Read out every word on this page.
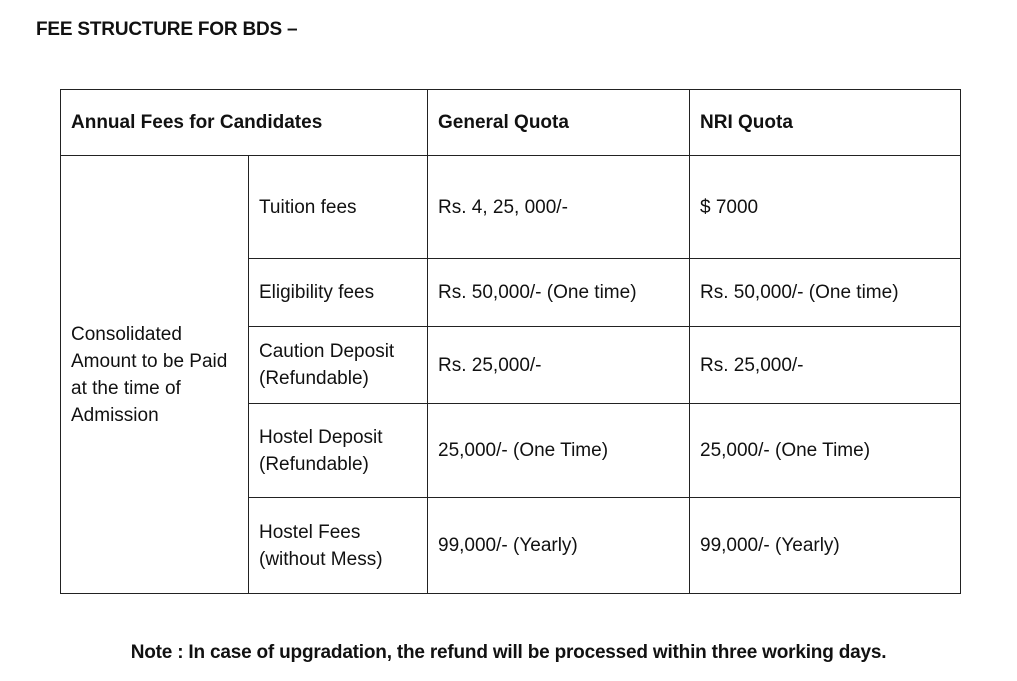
FEE STRUCTURE FOR BDS –
Annual Fees for Candidates		General Quota	NRI Quota
Consolidated Amount to be Paid at the time of Admission	Tuition fees	Rs. 4, 25, 000/-	$ 7000
	Eligibility fees	Rs. 50,000/- (One time)	Rs. 50,000/- (One time)
	Caution Deposit (Refundable)	Rs. 25,000/-	Rs. 25,000/-
	Hostel Deposit (Refundable)	25,000/- (One Time)	25,000/- (One Time)
	Hostel Fees (without Mess)	99,000/- (Yearly)	99,000/- (Yearly)
Note : In case of upgradation, the refund will be processed within three working days.
